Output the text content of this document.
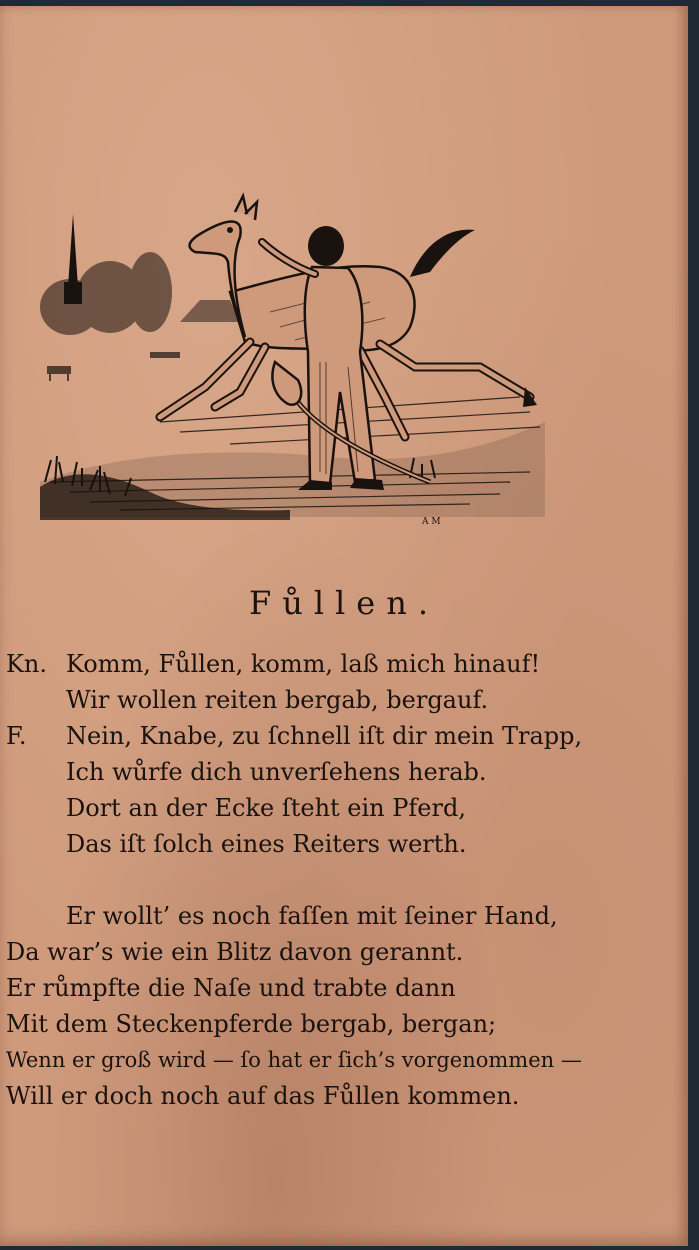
A M
Fůllen.
Kn. Komm, Fůllen, komm, laß mich hinauf!
Wir wollen reiten bergab, bergauf.
F. Nein, Knabe, zu ſchnell iſt dir mein Trapp,
Ich wůrfe dich unverſehens herab.
Dort an der Ecke ſteht ein Pferd,
Das iſt ſolch eines Reiters werth.
Er wollt’ es noch faſſen mit ſeiner Hand,
Da war’s wie ein Blitz davon gerannt.
Er růmpfte die Naſe und trabte dann
Mit dem Steckenpferde bergab, bergan;
Wenn er groß wird — ſo hat er ſich’s vorgenommen —
Will er doch noch auf das Fůllen kommen.
